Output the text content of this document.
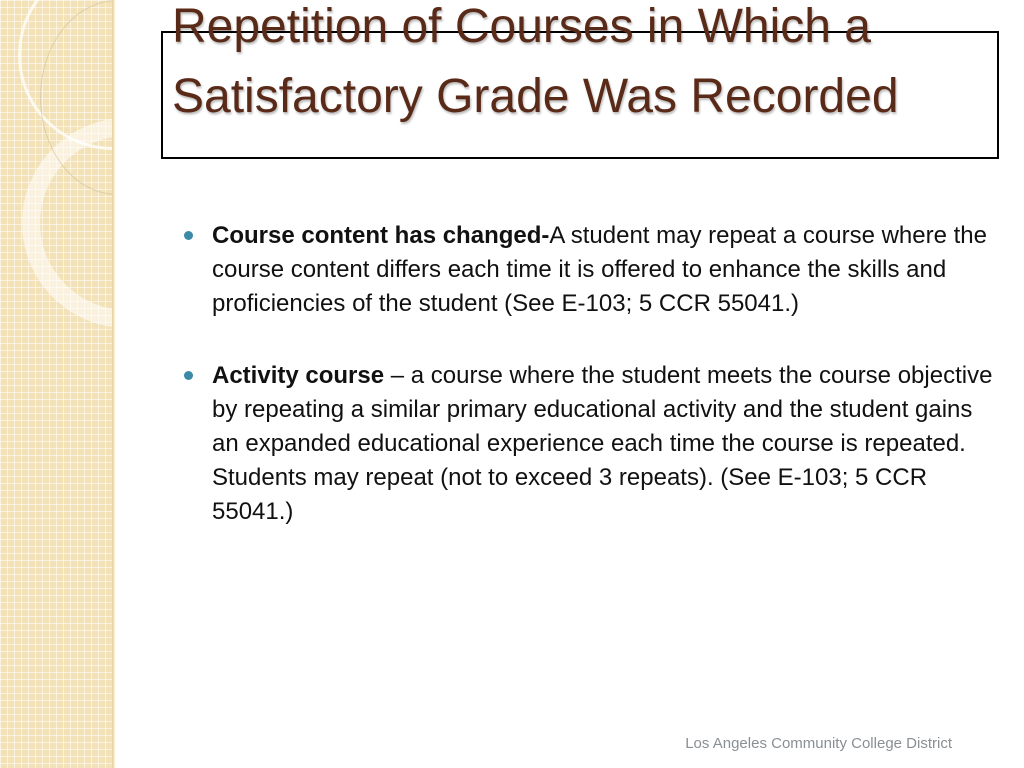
Repetition of Courses in Which a Satisfactory Grade Was Recorded
Course content has changed-A student may repeat a course where the course content differs each time it is offered to enhance the skills and proficiencies of the student (See E-103; 5 CCR 55041.)
Activity course – a course where the student meets the course objective by repeating a similar primary educational activity and the student gains an expanded educational experience each time the course is repeated. Students may repeat (not to exceed 3 repeats). (See E-103; 5 CCR 55041.)
Los Angeles Community College District
